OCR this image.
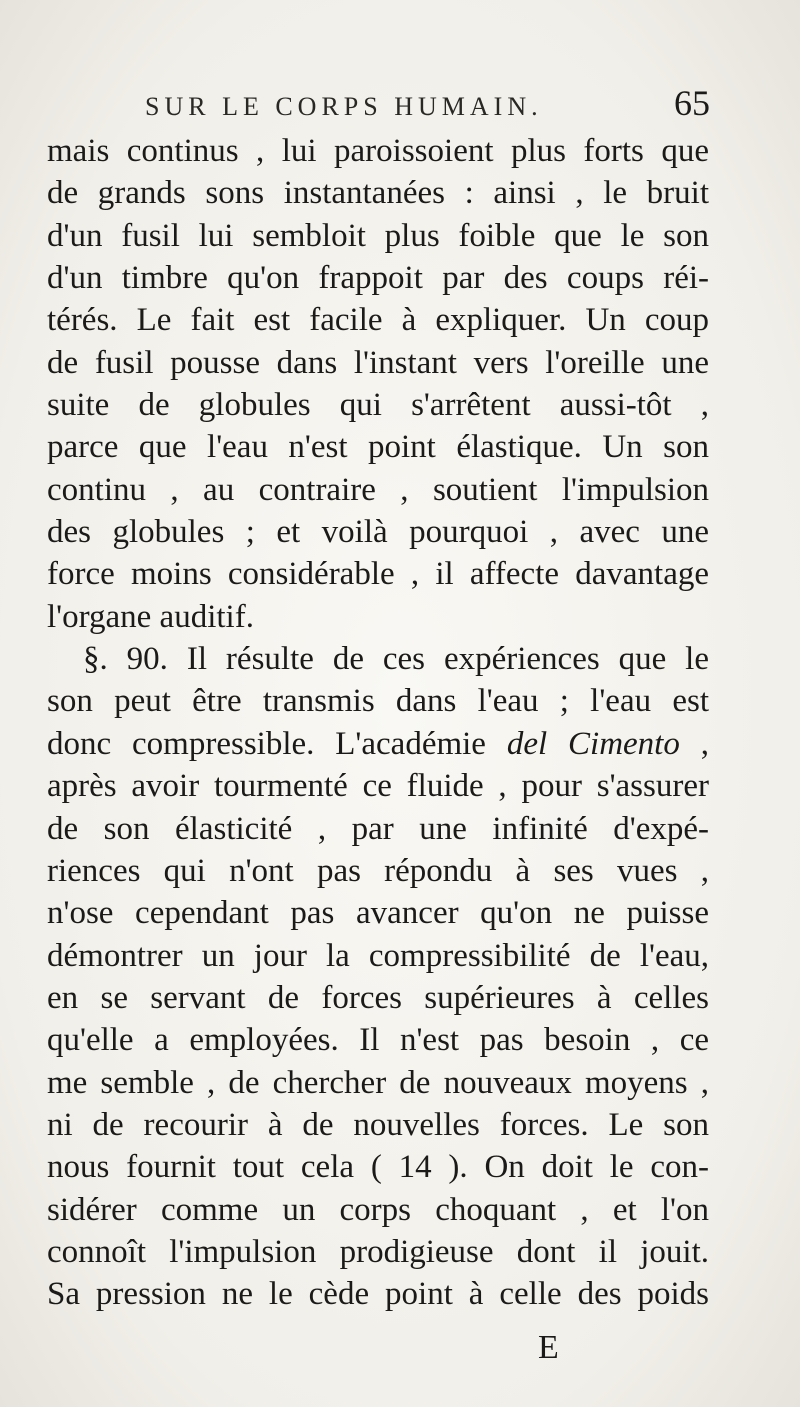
SUR LE CORPS HUMAIN.	65
mais continus , lui paroissoient plus forts que
de grands sons instantanées : ainsi , le bruit
d'un fusil lui sembloit plus foible que le son
d'un timbre qu'on frappoit par des coups réi-
térés. Le fait est facile à expliquer. Un coup
de fusil pousse dans l'instant vers l'oreille une
suite de globules qui s'arrêtent aussi-tôt ,
parce que l'eau n'est point élastique. Un son
continu , au contraire , soutient l'impulsion
des globules ; et voilà pourquoi , avec une
force moins considérable , il affecte davantage
l'organe auditif.
§. 90. Il résulte de ces expériences que le
son peut être transmis dans l'eau ; l'eau est
donc compressible. L'académie del Cimento ,
après avoir tourmenté ce fluide , pour s'assurer
de son élasticité , par une infinité d'expé-
riences qui n'ont pas répondu à ses vues ,
n'ose cependant pas avancer qu'on ne puisse
démontrer un jour la compressibilité de l'eau,
en se servant de forces supérieures à celles
qu'elle a employées. Il n'est pas besoin , ce
me semble , de chercher de nouveaux moyens ,
ni de recourir à de nouvelles forces. Le son
nous fournit tout cela ( 14 ). On doit le con-
sidérer comme un corps choquant , et l'on
connoît l'impulsion prodigieuse dont il jouit.
Sa pression ne le cède point à celle des poids
E
